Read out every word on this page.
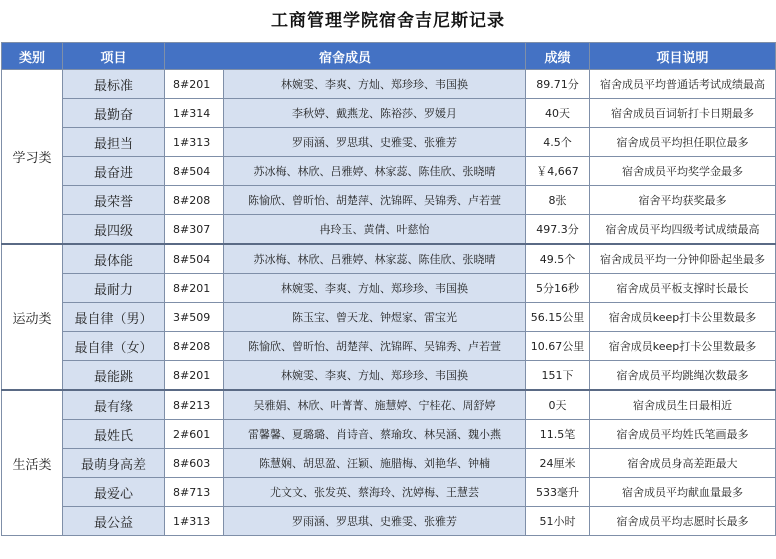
工商管理学院宿舍吉尼斯记录
类别	项目	宿舍成员		成绩	项目说明
学习类	最标准	8#201	林婉雯、李爽、方灿、郑珍珍、韦国换	89.71分	宿舍成员平均普通话考试成绩最高
	最勤奋	1#314	李秋婷、戴燕龙、陈裕莎、罗媛月	40天	宿舍成员百词斩打卡日期最多
	最担当	1#313	罗雨涵、罗思琪、史雅雯、张雅芳	4.5个	宿舍成员平均担任职位最多
	最奋进	8#504	苏冰梅、林欣、吕雅婷、林家蕊、陈佳欣、张晓晴	￥4,667	宿舍成员平均奖学金最多
	最荣誉	8#208	陈愉欣、曾昕怡、胡楚萍、沈锦晖、吴锦秀、卢若萱	8张	宿舍平均获奖最多
	最四级	8#307	冉玲玉、黄倩、叶慈怡	497.3分	宿舍成员平均四级考试成绩最高
运动类	最体能	8#504	苏冰梅、林欣、吕雅婷、林家蕊、陈佳欣、张晓晴	49.5个	宿舍成员平均一分钟仰卧起坐最多
	最耐力	8#201	林婉雯、李爽、方灿、郑珍珍、韦国换	5分16秒	宿舍成员平板支撑时长最长
	最自律（男）	3#509	陈玉宝、曾天龙、钟煜家、雷宝光	56.15公里	宿舍成员keep打卡公里数最多
	最自律（女）	8#208	陈愉欣、曾昕怡、胡楚萍、沈锦晖、吴锦秀、卢若萱	10.67公里	宿舍成员keep打卡公里数最多
	最能跳	8#201	林婉雯、李爽、方灿、郑珍珍、韦国换	151下	宿舍成员平均跳绳次数最多
生活类	最有缘	8#213	吴雅娟、林欣、叶菁菁、施慧婷、宁桂花、周舒婷	0天	宿舍成员生日最相近
	最姓氏	2#601	雷馨馨、夏璐璐、肖诗音、蔡瑜玫、林吴涵、魏小燕	11.5笔	宿舍成员平均姓氏笔画最多
	最萌身高差	8#603	陈慧娴、胡思盈、汪颖、施腊梅、刘艳华、钟楠	24厘米	宿舍成员身高差距最大
	最爱心	8#713	尤文文、张发英、蔡海玲、沈婷梅、王慧芸	533毫升	宿舍成员平均献血量最多
	最公益	1#313	罗雨涵、罗思琪、史雅雯、张雅芳	51小时	宿舍成员平均志愿时长最多
